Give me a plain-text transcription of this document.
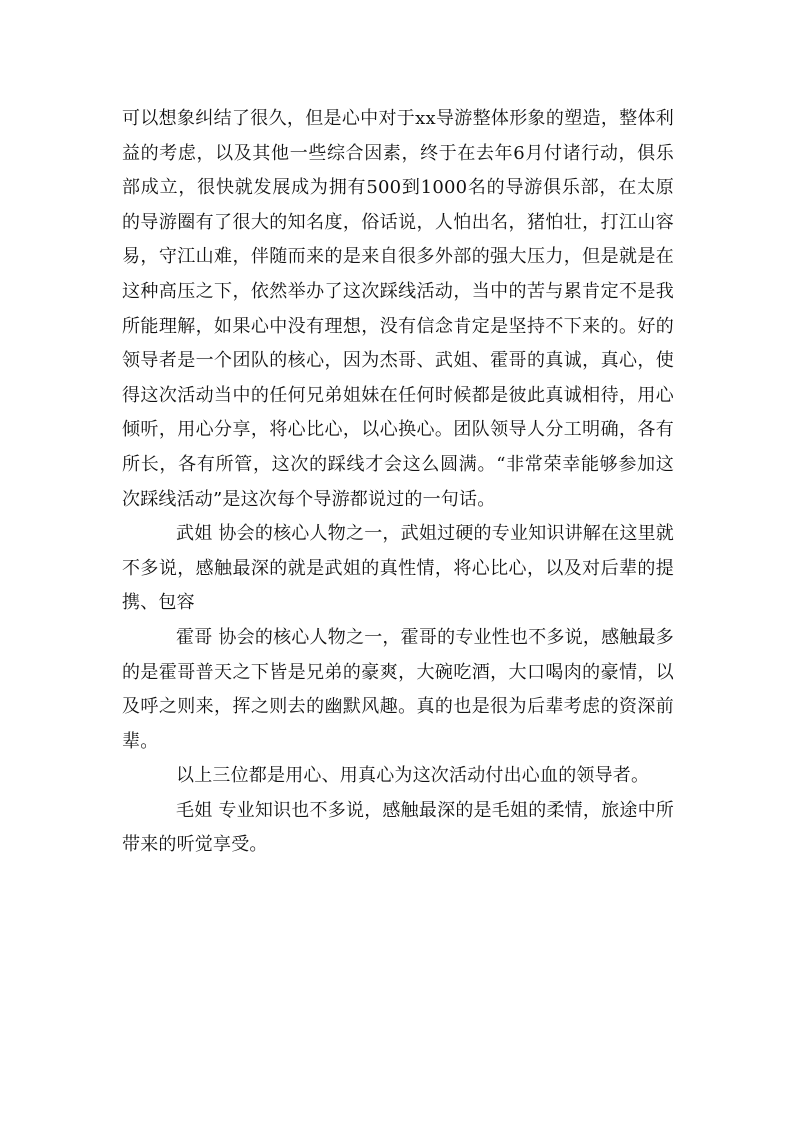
可以想象纠结了很久，但是心中对于xx导游整体形象的塑造，整体利益的考虑，以及其他一些综合因素，终于在去年6月付诸行动，俱乐部成立，很快就发展成为拥有500到1000名的导游俱乐部，在太原的导游圈有了很大的知名度，俗话说，人怕出名，猪怕壮，打江山容易，守江山难，伴随而来的是来自很多外部的强大压力，但是就是在这种高压之下，依然举办了这次踩线活动，当中的苦与累肯定不是我所能理解，如果心中没有理想，没有信念肯定是坚持不下来的。好的领导者是一个团队的核心，因为杰哥、武姐、霍哥的真诚，真心，使得这次活动当中的任何兄弟姐妹在任何时候都是彼此真诚相待，用心倾听，用心分享，将心比心，以心换心。团队领导人分工明确，各有所长，各有所管，这次的踩线才会这么圆满。“非常荣幸能够参加这次踩线活动”是这次每个导游都说过的一句话。

武姐 协会的核心人物之一，武姐过硬的专业知识讲解在这里就不多说，感触最深的就是武姐的真性情，将心比心，以及对后辈的提携、包容

霍哥 协会的核心人物之一，霍哥的专业性也不多说，感触最多的是霍哥普天之下皆是兄弟的豪爽，大碗吃酒，大口喝肉的豪情，以及呼之则来，挥之则去的幽默风趣。真的也是很为后辈考虑的资深前辈。

以上三位都是用心、用真心为这次活动付出心血的领导者。

毛姐 专业知识也不多说，感触最深的是毛姐的柔情，旅途中所带来的听觉享受。
